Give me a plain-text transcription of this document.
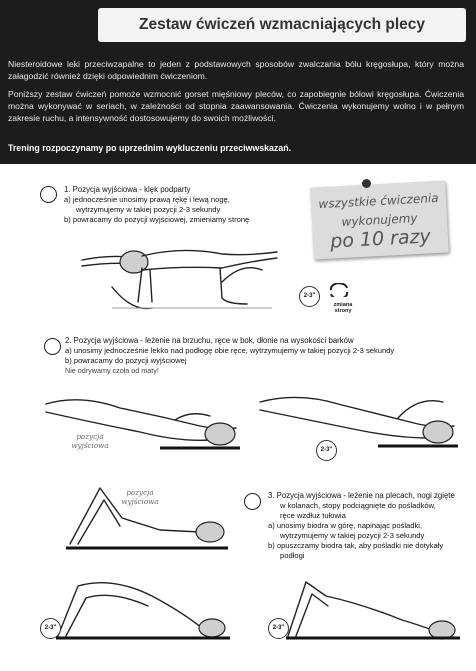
Zestaw ćwiczeń wzmacniających plecy
Niesteroidowe leki przeciwzapalne to jeden z podstawowych sposobów zwalczania bólu kręgosłupa, który można załagodzić również dzięki odpowiednim ćwiczeniom.
Poniższy zestaw ćwiczeń pomoże wzmocnić gorset mięśniowy pleców, co zapobiegnie bólowi kręgosłupa. Ćwiczenia można wykonywać w seriach, w zależności od stopnia zaawansowania. Ćwiczenia wykonujemy wolno i w pełnym zakresie ruchu, a intensywność dostosowujemy do swoich możliwości.
Trening rozpoczynamy po uprzednim wykluczeniu przeciwwskazań.
1. Pozycja wyjściowa - klęk podparty
a) jednocześnie unosimy prawą rękę i lewą nogę,
wytrzymujemy w takiej pozycji 2-3 sekundy
b) powracamy do pozycji wyjściowej, zmieniamy stronę
wszystkie ćwiczenia
wykonujemy
po 10 razy
2-3"
zmiana strony
2. Pozycja wyjściowa - leżenie na brzuchu, ręce w bok, dłonie na wysokości barków
a) unosimy jednocześnie lekko nad podłogę obie ręce, wytrzymujemy w takiej pozycji 2-3 sekundy
b) powracamy do pozycji wyjściowej
Nie odrywamy czoła od maty!
pozycja wyjściowa	2-3"
3. Pozycja wyjściowa - leżenie na plecach, nogi zgięte
w kolanach, stopy podciągnięte do pośladków,
ręce wzdłuż tułowia
a) unosimy biodra w górę, napinając pośladki,
wytrzymujemy w takiej pozycji 2-3 sekundy
b) opuszczamy biodra tak, aby pośladki nie dotykały
podłogi
pozycja wyjściowa
2-3"	2-3"
